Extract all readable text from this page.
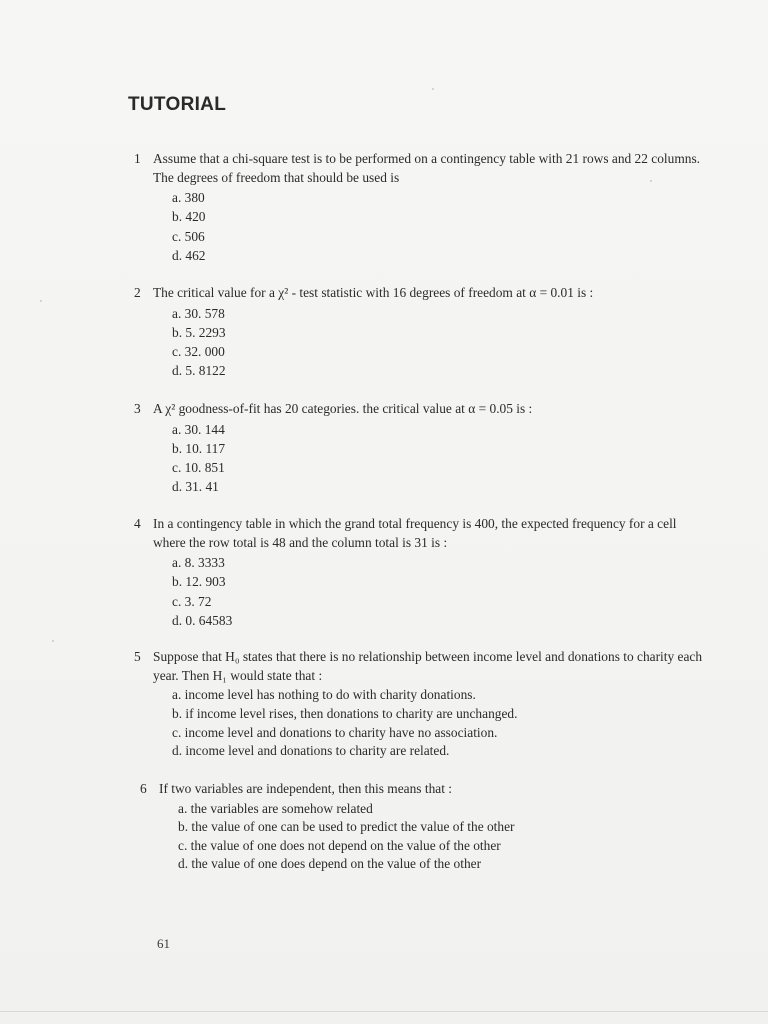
TUTORIAL
1 Assume that a chi-square test is to be performed on a contingency table with 21 rows and 22 columns. The degrees of freedom that should be used is

a. 380
b. 420
c. 506
d. 462
2 The critical value for a χ² - test statistic with 16 degrees of freedom at α = 0.01 is :

a. 30. 578
b. 5. 2293
c. 32. 000
d. 5. 8122
3 A χ² goodness-of-fit has 20 categories. the critical value at α = 0.05 is :

a. 30. 144
b. 10. 117
c. 10. 851
d. 31. 41
4 In a contingency table in which the grand total frequency is 400, the expected frequency for a cell where the row total is 48 and the column total is 31 is :

a. 8. 3333
b. 12. 903
c. 3. 72
d. 0. 64583
5 Suppose that H₀ states that there is no relationship between income level and donations to charity each year. Then H₁ would state that :

a. income level has nothing to do with charity donations.
b. if income level rises, then donations to charity are unchanged.
c. income level and donations to charity have no association.
d. income level and donations to charity are related.
6 If two variables are independent, then this means that :

a. the variables are somehow related
b. the value of one can be used to predict the value of the other
c. the value of one does not depend on the value of the other
d. the value of one does depend on the value of the other
61
